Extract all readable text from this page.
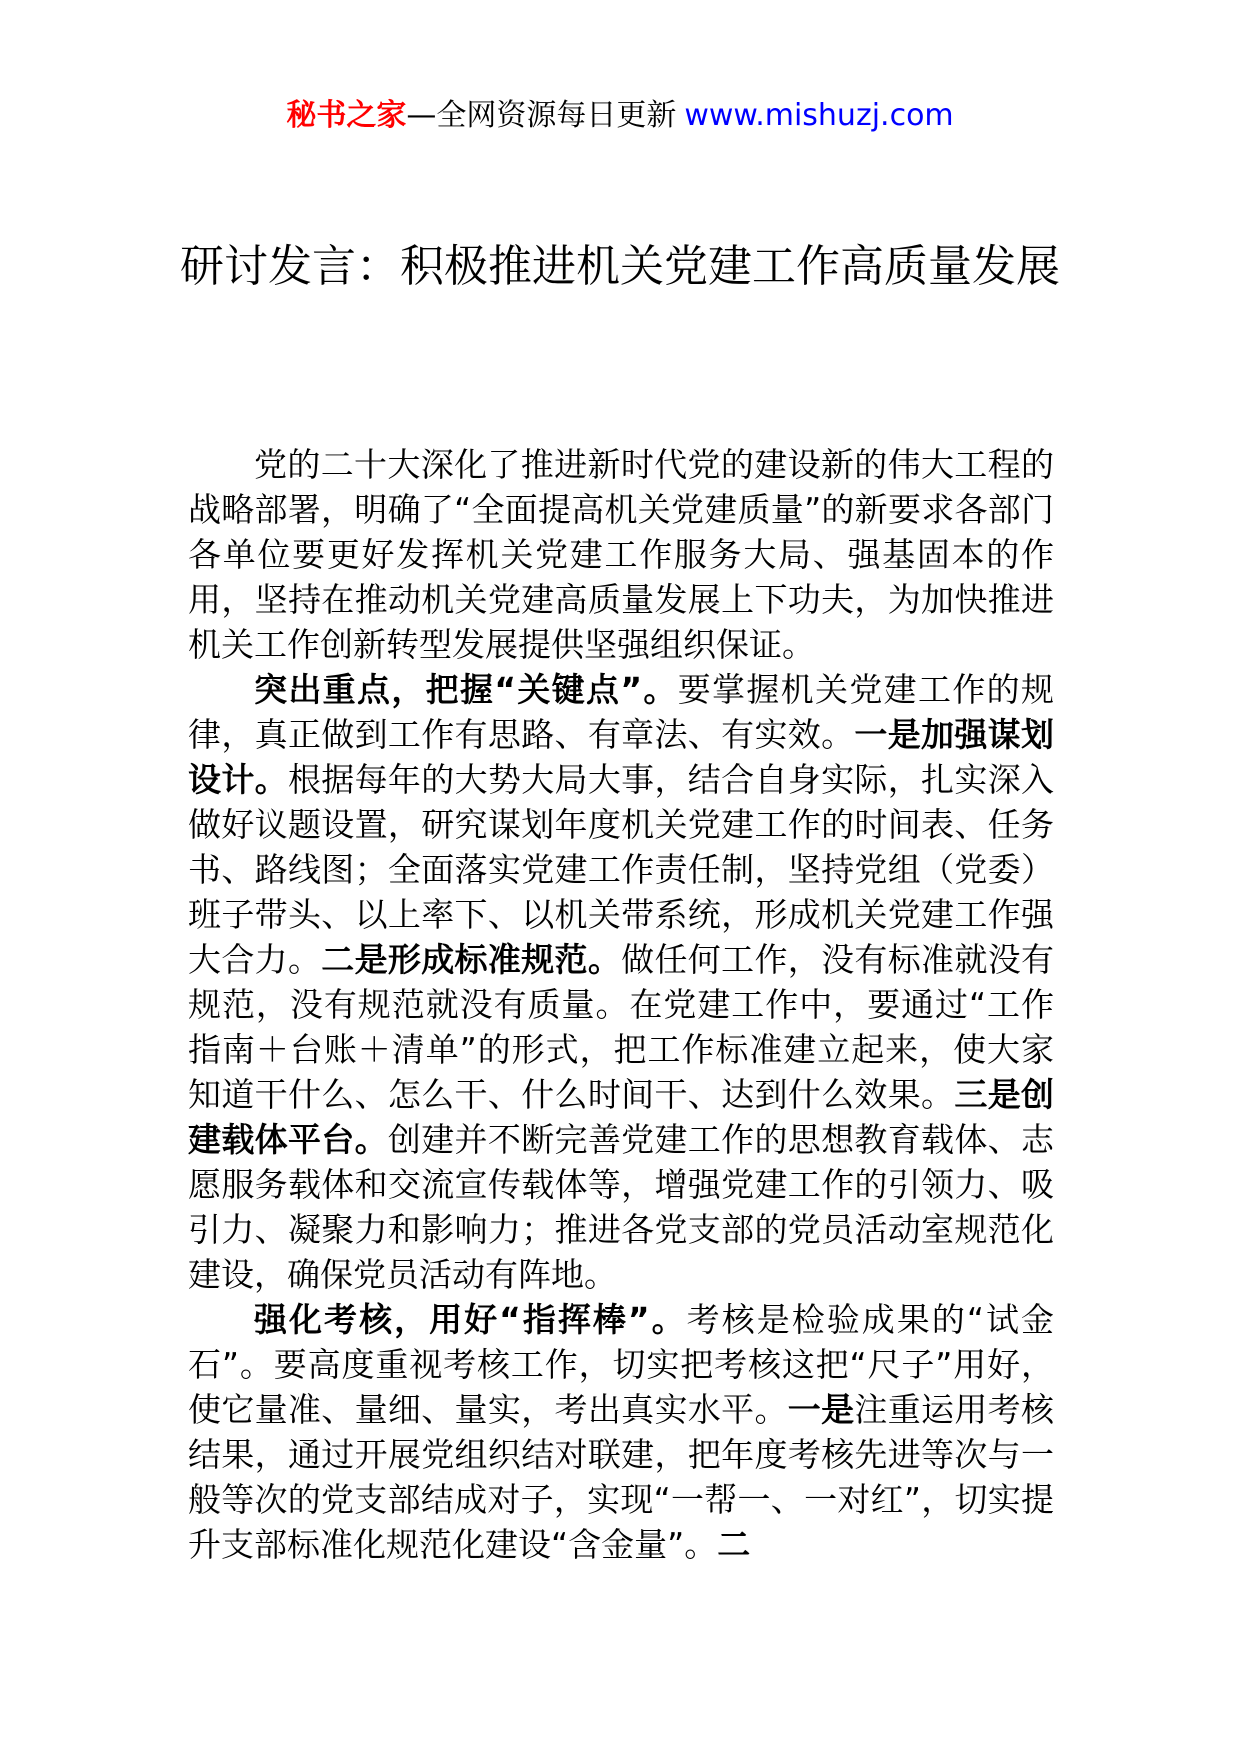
秘书之家—全网资源每日更新 www.mishuzj.com
研讨发言：积极推进机关党建工作高质量发展

党的二十大深化了推进新时代党的建设新的伟大工程的战略部署，明确了“全面提高机关党建质量”的新要求各部门各单位要更好发挥机关党建工作服务大局、强基固本的作用，坚持在推动机关党建高质量发展上下功夫，为加快推进机关工作创新转型发展提供坚强组织保证。

突出重点，把握“关键点”。要掌握机关党建工作的规律，真正做到工作有思路、有章法、有实效。一是加强谋划设计。根据每年的大势大局大事，结合自身实际，扎实深入做好议题设置，研究谋划年度机关党建工作的时间表、任务书、路线图；全面落实党建工作责任制，坚持党组（党委）班子带头、以上率下、以机关带系统，形成机关党建工作强大合力。二是形成标准规范。做任何工作，没有标准就没有规范，没有规范就没有质量。在党建工作中，要通过“工作指南＋台账＋清单”的形式，把工作标准建立起来，使大家知道干什么、怎么干、什么时间干、达到什么效果。三是创建载体平台。创建并不断完善党建工作的思想教育载体、志愿服务载体和交流宣传载体等，增强党建工作的引领力、吸引力、凝聚力和影响力；推进各党支部的党员活动室规范化建设，确保党员活动有阵地。

强化考核，用好“指挥棒”。考核是检验成果的“试金石”。要高度重视考核工作，切实把考核这把“尺子”用好，使它量准、量细、量实，考出真实水平。一是注重运用考核结果，通过开展党组织结对联建，把年度考核先进等次与一般等次的党支部结成对子，实现“一帮一、一对红”，切实提升支部标准化规范化建设“含金量”。二
